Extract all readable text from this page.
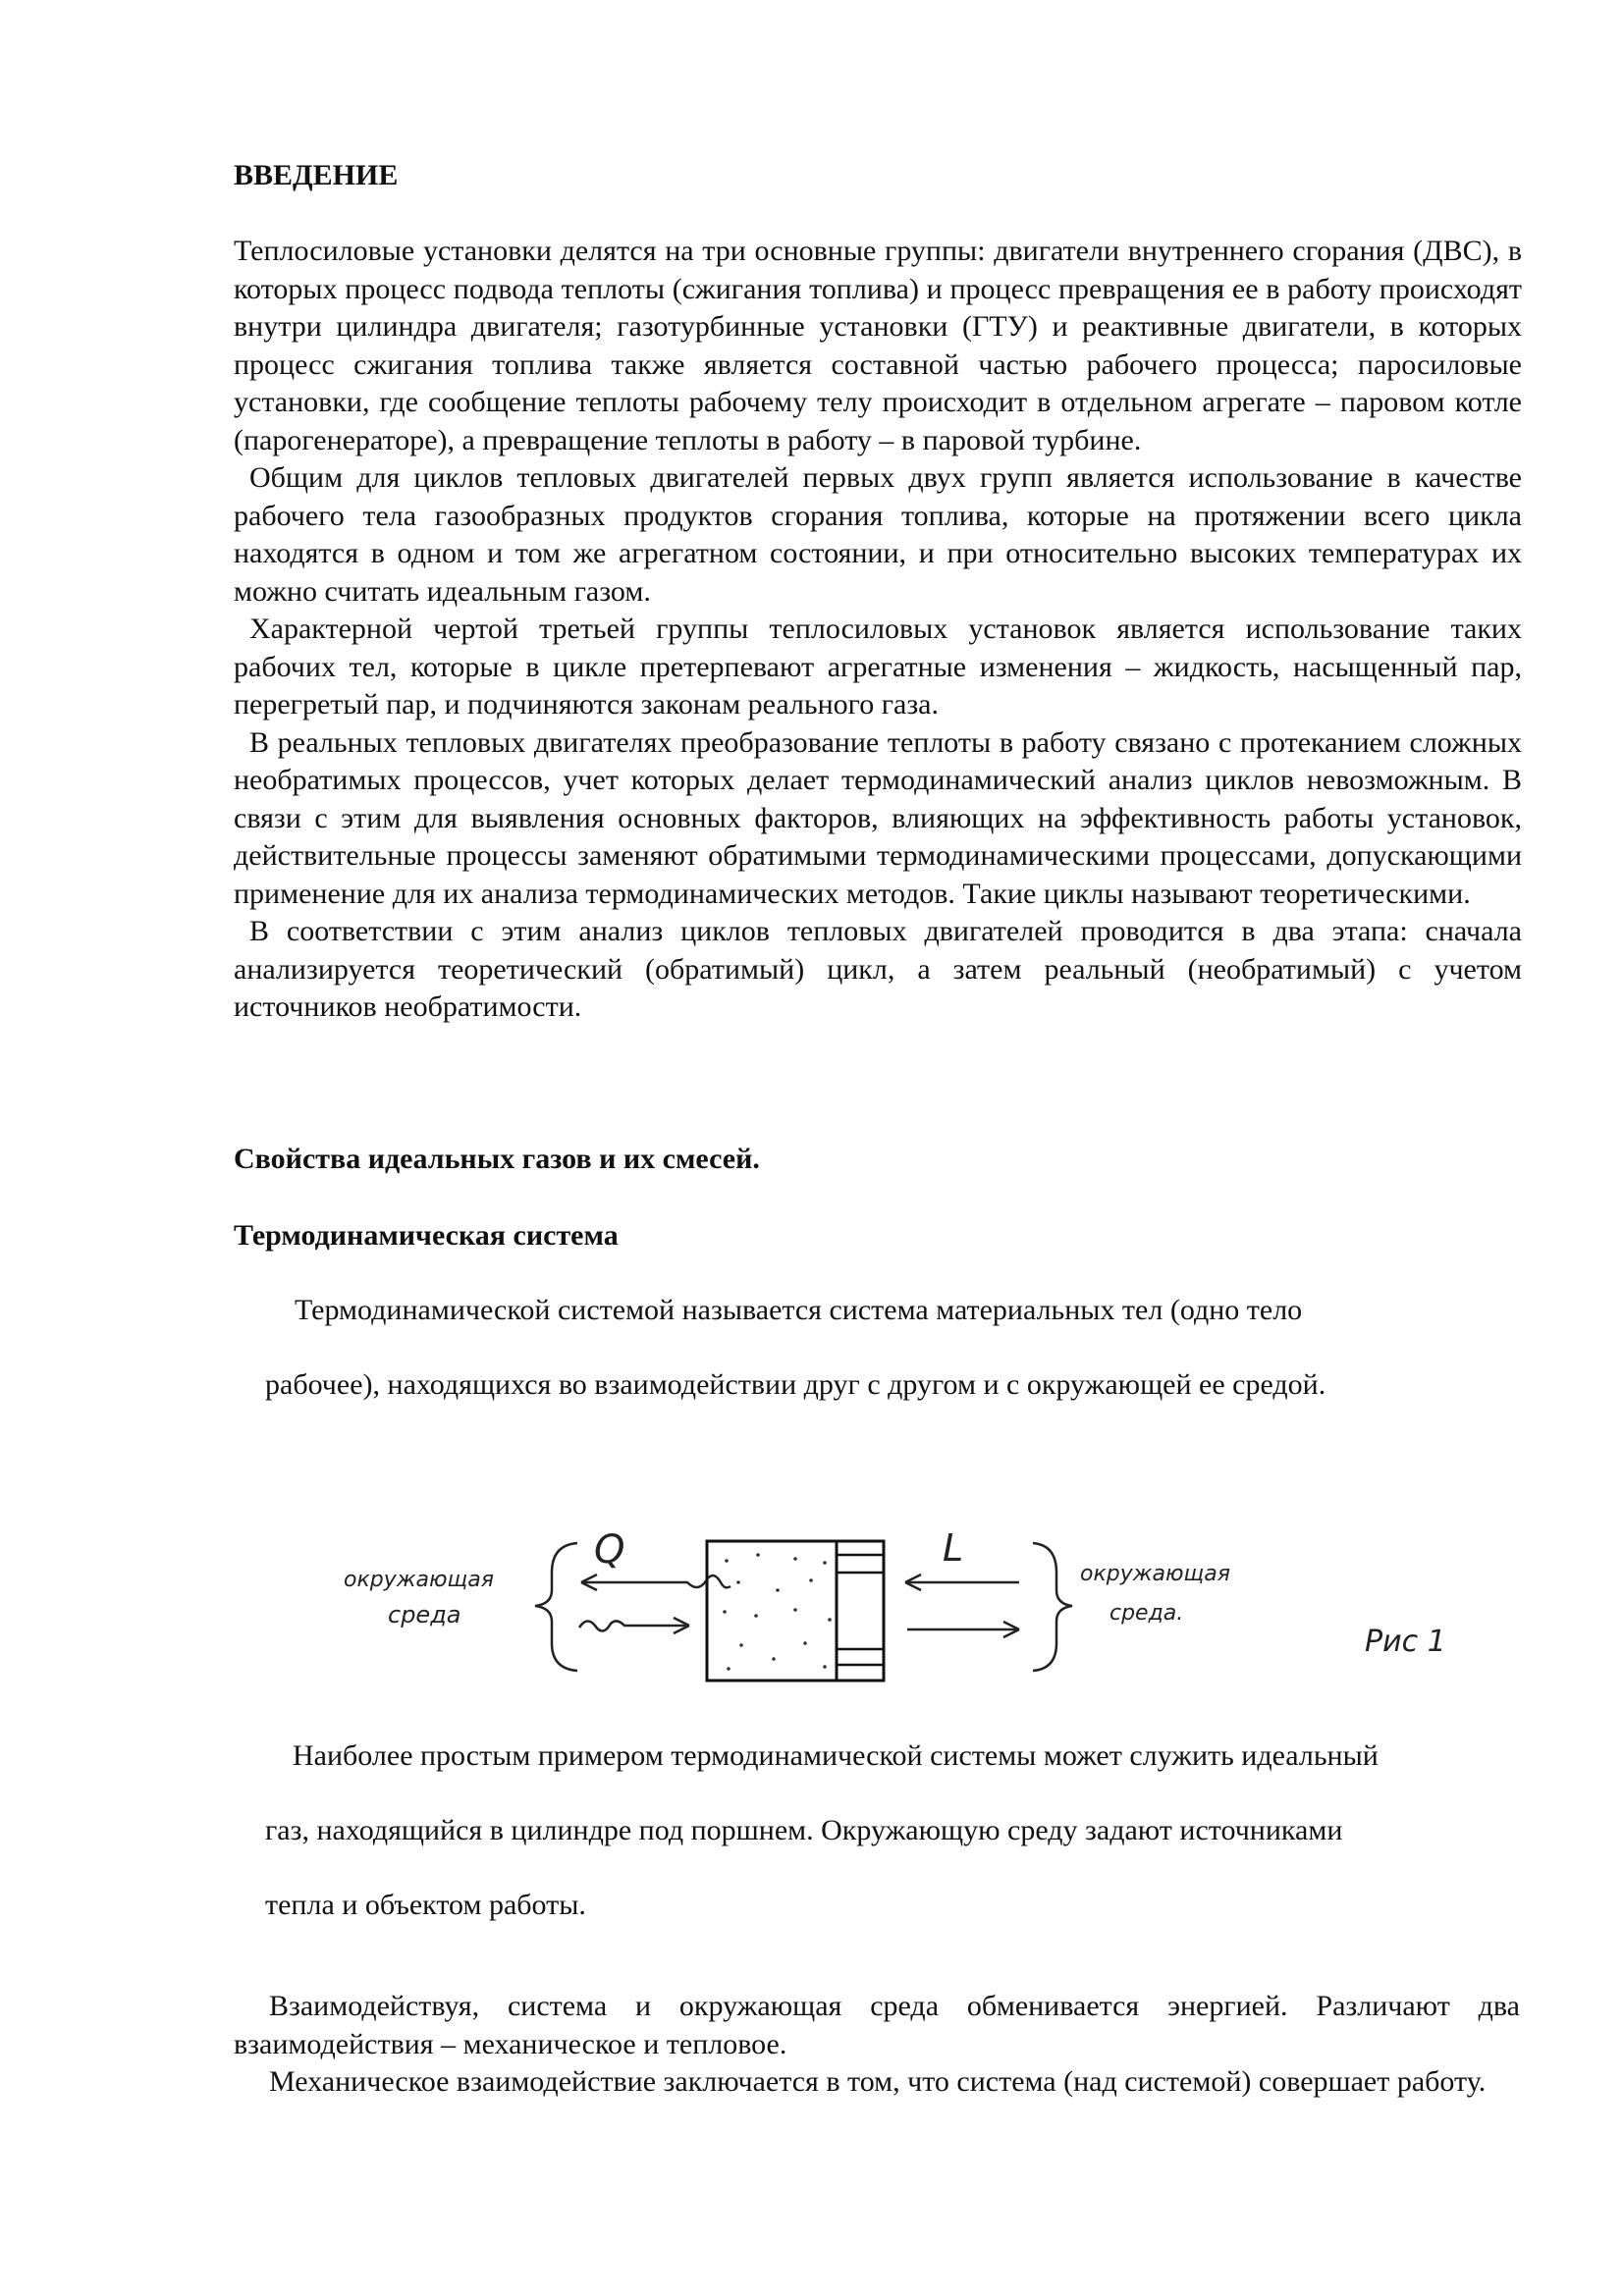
ВВЕДЕНИЕ

Теплосиловые установки делятся на три основные группы: двигатели внутреннего сгорания (ДВС), в которых процесс подвода теплоты (сжигания топлива) и процесс превращения ее в работу происходят внутри цилиндра двигателя; газотурбинные установки (ГТУ) и реактивные двигатели, в которых процесс сжигания топлива также является составной частью рабочего процесса; паросиловые установки, где сообщение теплоты рабочему телу происходит в отдельном агрегате – паровом котле (парогенераторе), а превращение теплоты в работу – в паровой турбине.

Общим для циклов тепловых двигателей первых двух групп является использование в качестве рабочего тела газообразных продуктов сгорания топлива, которые на протяжении всего цикла находятся в одном и том же агрегатном состоянии, и при относительно высоких температурах их можно считать идеальным газом.

Характерной чертой третьей группы теплосиловых установок является использование таких рабочих тел, которые в цикле претерпевают агрегатные изменения – жидкость, насыщенный пар, перегретый пар, и подчиняются законам реального газа.

В реальных тепловых двигателях преобразование теплоты в работу связано с протеканием сложных необратимых процессов, учет которых делает термодинамический анализ циклов невозможным. В связи с этим для выявления основных факторов, влияющих на эффективность работы установок, действительные процессы заменяют обратимыми термодинамическими процессами, допускающими применение для их анализа термодинамических методов. Такие циклы называют теоретическими.

В соответствии с этим анализ циклов тепловых двигателей проводится в два этапа: сначала анализируется теоретический (обратимый) цикл, а затем реальный (необратимый) с учетом источников необратимости.

Свойства идеальных газов и их смесей.
Термодинамическая система

Термодинамической системой называется система материальных тел (одно тело

рабочее), находящихся во взаимодействии друг с другом и с окружающей ее средой.

окружающая
среда
Q	L
окружающая
среда.
Рис 1

Наиболее простым примером термодинамической системы может служить идеальный

газ, находящийся в цилиндре под поршнем. Окружающую среду задают источниками

тепла и объектом работы.

Взаимодействуя, система и окружающая среда обменивается энергией. Различают два взаимодействия – механическое и тепловое.

Механическое взаимодействие заключается в том, что система (над системой) совершает работу.
